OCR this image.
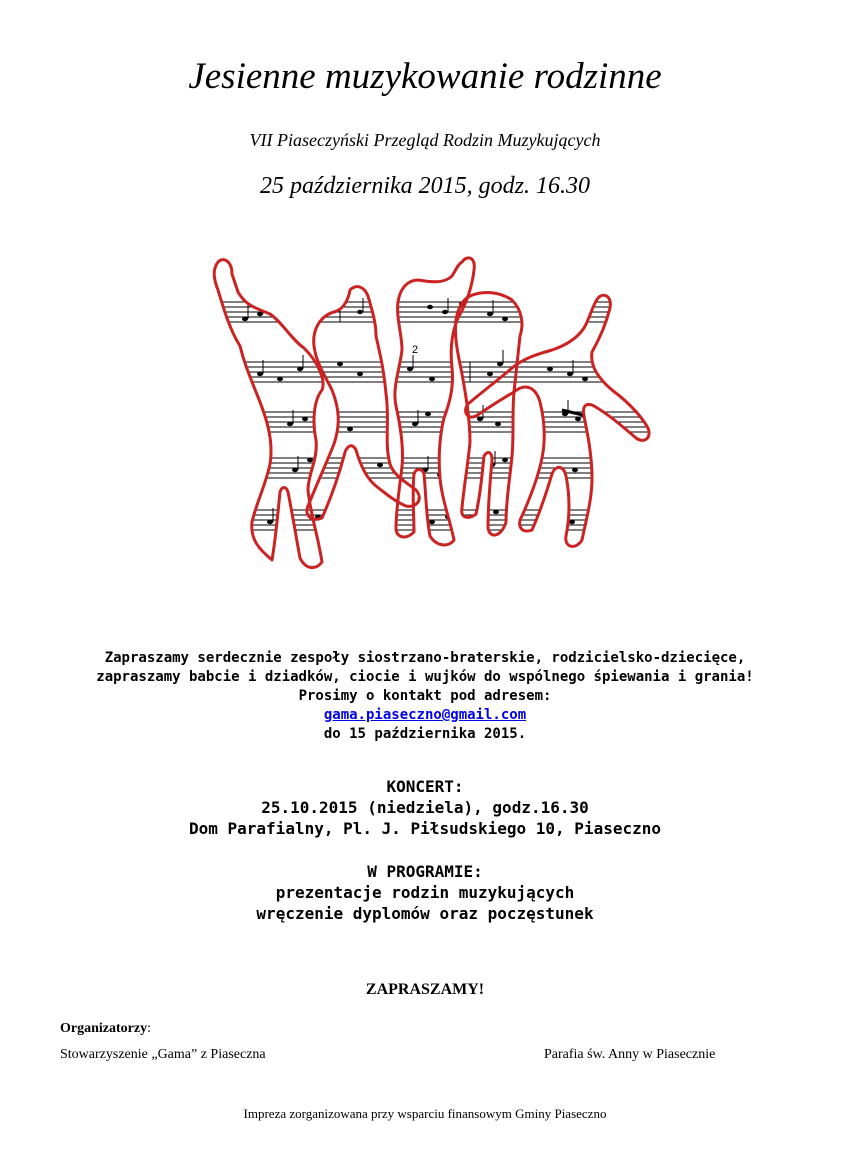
Jesienne muzykowanie rodzinne
VII Piaseczyński Przegląd Rodzin Muzykujących
25 października 2015, godz. 16.30
2
Zapraszamy serdecznie zespoły siostrzano-braterskie, rodzicielsko-dziecięce,
zapraszamy babcie i dziadków, ciocie i wujków do wspólnego śpiewania i grania!
Prosimy o kontakt pod adresem:
gama.piaseczno@gmail.com
do 15 października 2015.
KONCERT:
25.10.2015 (niedziela), godz.16.30
Dom Parafialny, Pl. J. Piłsudskiego 10, Piaseczno
W PROGRAMIE:
prezentacje rodzin muzykujących
wręczenie dyplomów oraz poczęstunek
ZAPRASZAMY!
Organizatorzy:
Stowarzyszenie „Gama” z Piaseczna	Parafia św. Anny w Piasecznie
Impreza zorganizowana przy wsparciu finansowym Gminy Piaseczno
